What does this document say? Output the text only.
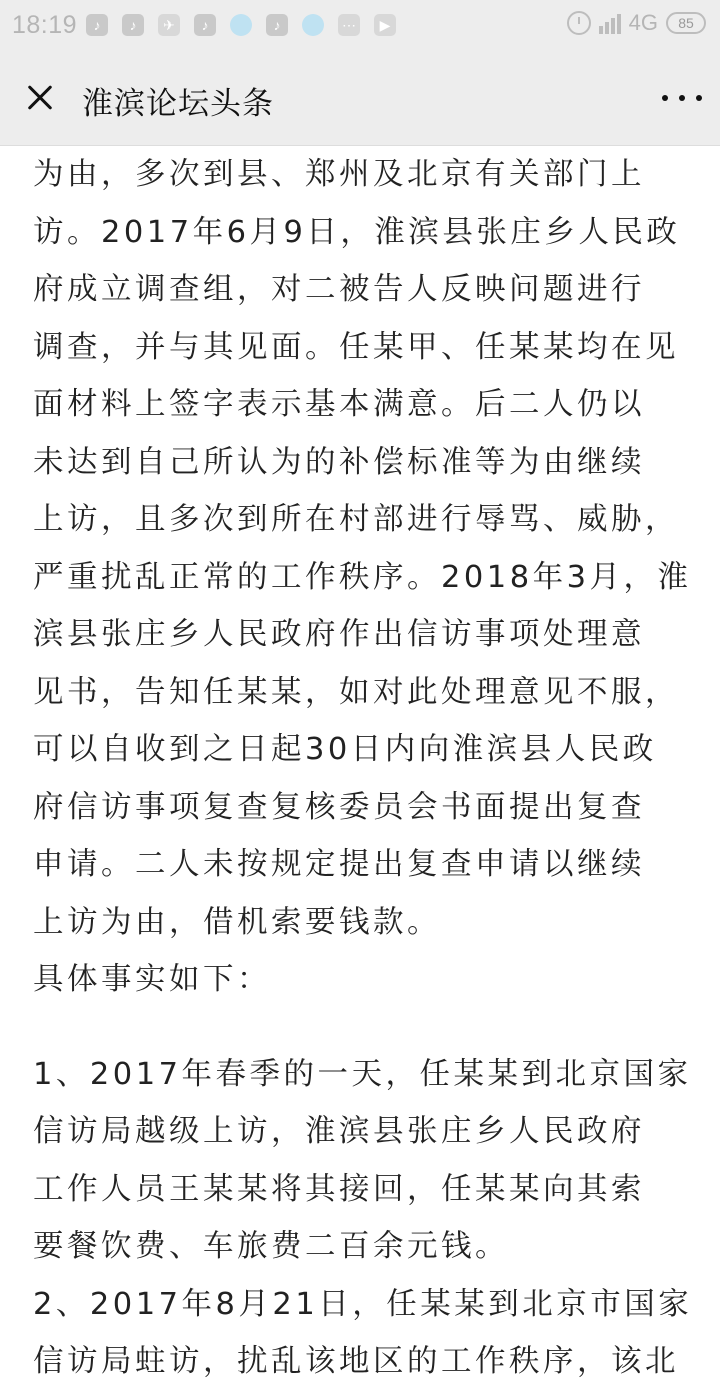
18:19	♪	♪	✈	♪	♪	⋯	▶	4G 85
淮滨论坛头条

为由，多次到县、郑州及北京有关部门上

访。2017年6月9日，淮滨县张庄乡人民政

府成立调查组，对二被告人反映问题进行

调查，并与其见面。任某甲、任某某均在见

面材料上签字表示基本满意。后二人仍以

未达到自己所认为的补偿标准等为由继续

上访，且多次到所在村部进行辱骂、威胁，

严重扰乱正常的工作秩序。2018年3月，淮

滨县张庄乡人民政府作出信访事项处理意

见书，告知任某某，如对此处理意见不服，

可以自收到之日起30日内向淮滨县人民政

府信访事项复查复核委员会书面提出复查

申请。二人未按规定提出复查申请以继续

上访为由，借机索要钱款。

具体事实如下：

1、2017年春季的一天，任某某到北京国家

信访局越级上访，淮滨县张庄乡人民政府

工作人员王某某将其接回，任某某向其索

要餐饮费、车旅费二百余元钱。

2、2017年8月21日，任某某到北京市国家

信访局蛀访，扰乱该地区的工作秩序，该北
